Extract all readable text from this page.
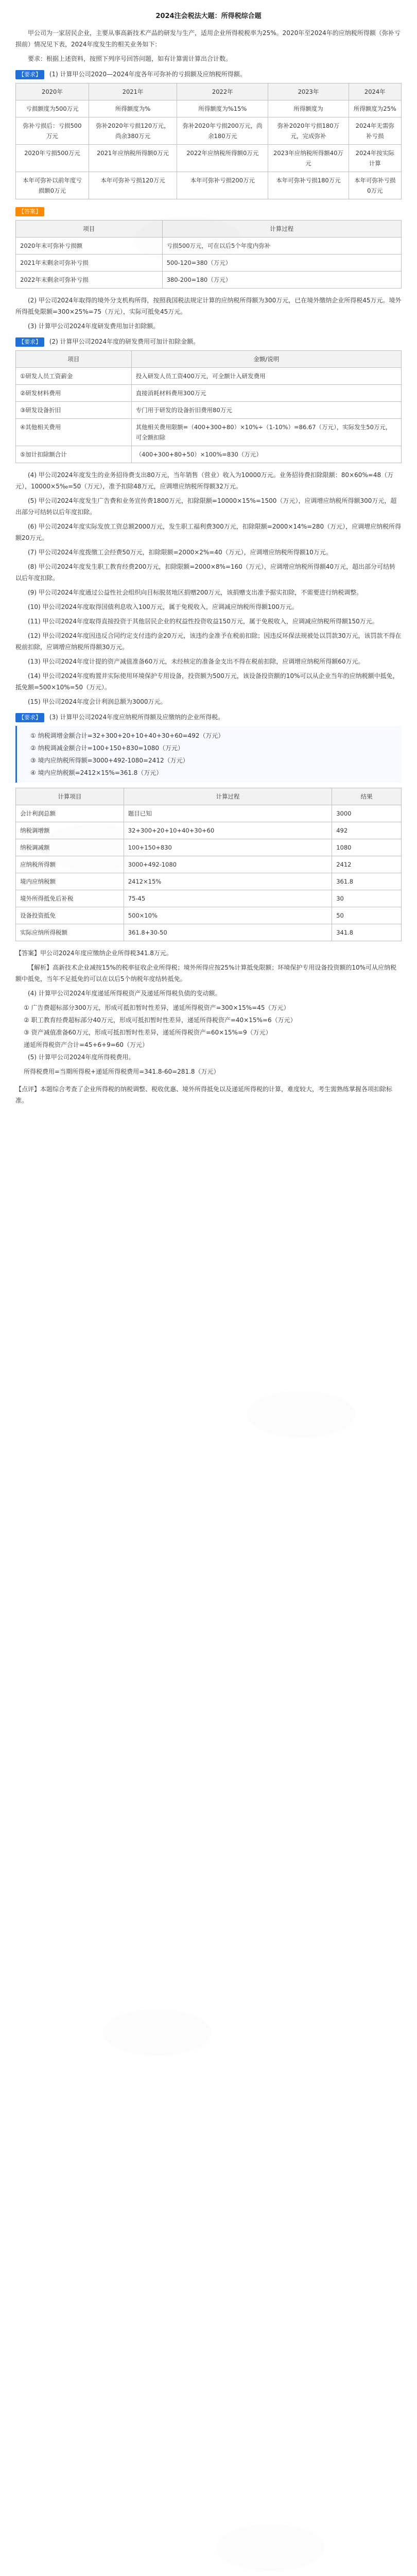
2024注会税法大题：所得税综合题

甲公司为一家居民企业，主要从事高新技术产品的研发与生产，适用企业所得税税率为25%。2020年至2024年的应纳税所得额（弥补亏损前）情况见下表，2024年度发生的相关业务如下：

要求：根据上述资料，按照下列序号回答问题，如有计算需计算出合计数。

【要求】 (1) 计算甲公司2020—2024年度各年可弥补的亏损额及应纳税所得额。
2020年	2021年	2022年	2023年	2024年
亏损额度为500万元	所得额度为%	所得额度为%15%	所得额度为	所得额度为25%
弥补亏损后：亏损500万元	弥补2020年亏损120万元，尚余380万元	弥补2020年亏损200万元，尚余180万元	弥补2020年亏损180万元，完成弥补	2024年无需弥补亏损
2020年亏损500万元	2021年应纳税所得额0万元	2022年应纳税所得额0万元	2023年应纳税所得额40万元	2024年按实际计算
本年可弥补以前年度亏损额0万元	本年可弥补亏损120万元	本年可弥补亏损200万元	本年可弥补亏损180万元	本年可弥补亏损0万元
【答案】
项目	计算过程
2020年末可弥补亏损额	亏损500万元，可在以后5个年度内弥补
2021年末剩余可弥补亏损	500-120=380（万元）
2022年末剩余可弥补亏损	380-200=180（万元）

(2) 甲公司2024年取得的境外分支机构所得，按照我国税法规定计算的应纳税所得额为300万元，已在境外缴纳企业所得税45万元。境外所得抵免限额=300×25%=75（万元），实际可抵免45万元。

(3) 计算甲公司2024年度研发费用加计扣除额。

【要求】 (2) 计算甲公司2024年度的研发费用可加计扣除金额。
项目	金额/说明
①研发人员工资薪金	投入研发人员工资400万元，可全额计入研发费用
②研发材料费用	直接消耗材料费用300万元
③研发设备折旧	专门用于研发的设备折旧费用80万元
④其他相关费用	其他相关费用限额=（400+300+80）×10%÷（1-10%）=86.67（万元），实际发生50万元，可全额扣除
⑤加计扣除额合计	（400+300+80+50）×100%=830（万元）

(4) 甲公司2024年度发生的业务招待费支出80万元，当年销售（营业）收入为10000万元。业务招待费扣除限额：80×60%=48（万元），10000×5‰=50（万元），准予扣除48万元，应调增应纳税所得额32万元。

(5) 甲公司2024年度发生广告费和业务宣传费1800万元，扣除限额=10000×15%=1500（万元），应调增应纳税所得额300万元，超出部分可结转以后年度扣除。

(6) 甲公司2024年度实际发放工资总额2000万元，发生职工福利费300万元，扣除限额=2000×14%=280（万元），应调增应纳税所得额20万元。

(7) 甲公司2024年度拨缴工会经费50万元，扣除限额=2000×2%=40（万元），应调增应纳税所得额10万元。

(8) 甲公司2024年度发生职工教育经费200万元，扣除限额=2000×8%=160（万元），应调增应纳税所得额40万元，超出部分可结转以后年度扣除。

(9) 甲公司2024年度通过公益性社会组织向目标脱贫地区捐赠200万元，该捐赠支出准予据实扣除，不需要进行纳税调整。

(10) 甲公司2024年度取得国债利息收入100万元，属于免税收入，应调减应纳税所得额100万元。

(11) 甲公司2024年度取得直接投资于其他居民企业的权益性投资收益150万元，属于免税收入，应调减应纳税所得额150万元。

(12) 甲公司2024年度因违反合同约定支付违约金20万元，该违约金准予在税前扣除；因违反环保法规被处以罚款30万元，该罚款不得在税前扣除，应调增应纳税所得额30万元。

(13) 甲公司2024年度计提的资产减值准备60万元，未经核定的准备金支出不得在税前扣除，应调增应纳税所得额60万元。

(14) 甲公司2024年度购置并实际使用环境保护专用设备，投资额为500万元，该设备投资额的10%可以从企业当年的应纳税额中抵免，抵免额=500×10%=50（万元）。

(15) 甲公司2024年度会计利润总额为3000万元。

【要求】 (3) 计算甲公司2024年度应纳税所得额及应缴纳的企业所得税。
① 纳税调增金额合计=32+300+20+10+40+30+60=492（万元）
② 纳税调减金额合计=100+150+830=1080（万元）
③ 境内应纳税所得额=3000+492-1080=2412（万元）
④ 境内应纳税额=2412×15%=361.8（万元）
计算项目	计算过程	结果
会计利润总额	题目已知	3000
纳税调增额	32+300+20+10+40+30+60	492
纳税调减额	100+150+830	1080
应纳税所得额	3000+492-1080	2412
境内应纳税额	2412×15%	361.8
境外所得抵免后补税	75-45	30
设备投资抵免	500×10%	50
实际应纳所得税额	361.8+30-50	341.8

【答案】甲公司2024年度应缴纳企业所得税341.8万元。

【解析】高新技术企业减按15%的税率征收企业所得税；境外所得应按25%计算抵免限额；环境保护专用设备投资额的10%可从应纳税额中抵免，当年不足抵免的可以在以后5个纳税年度结转抵免。

(4) 计算甲公司2024年度递延所得税资产及递延所得税负债的变动额。

① 广告费超标部分300万元，形成可抵扣暂时性差异，递延所得税资产=300×15%=45（万元）
② 职工教育经费超标部分40万元，形成可抵扣暂时性差异，递延所得税资产=40×15%=6（万元）
③ 资产减值准备60万元，形成可抵扣暂时性差异，递延所得税资产=60×15%=9（万元）
递延所得税资产合计=45+6+9=60（万元）

(5) 计算甲公司2024年度所得税费用。

所得税费用=当期所得税+递延所得税费用=341.8-60=281.8（万元）

【点评】本题综合考查了企业所得税的纳税调整、税收优惠、境外所得抵免以及递延所得税的计算，难度较大，考生需熟练掌握各项扣除标准。
